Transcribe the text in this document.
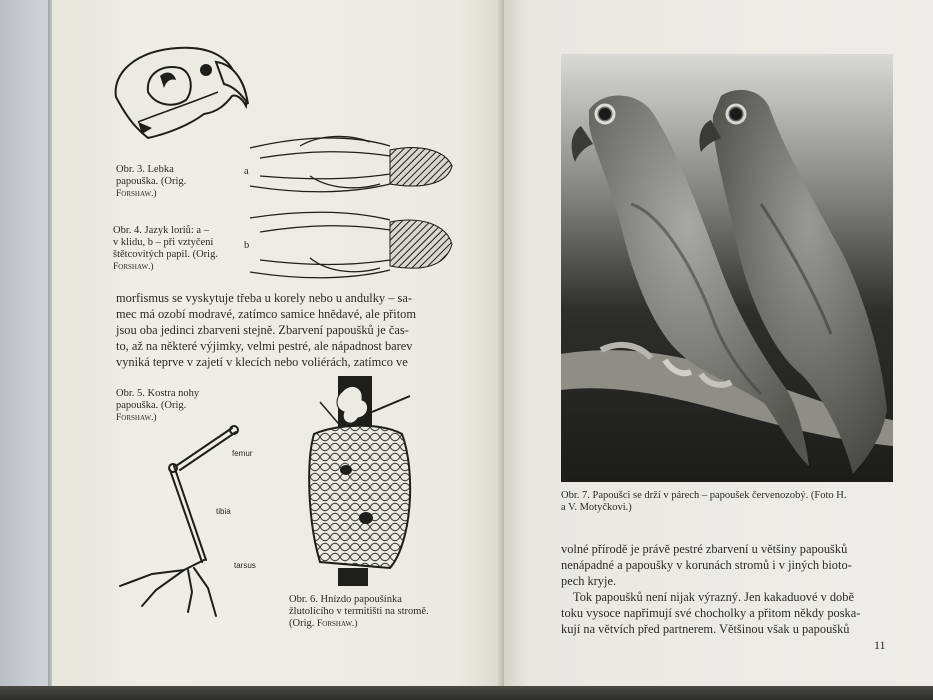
a
b
Obr. 3. Lebka
papouška. (Orig.
Forshaw.)
Obr. 4. Jazyk loriů: a –
v klidu, b – při vztyčení
štětcovitých papil. (Orig.
Forshaw.)
morfismus se vyskytuje třeba u korely nebo u andulky – sa-
mec má ozobí modravé, zatímco samice hnědavé, ale přitom
jsou oba jedinci zbarveni stejně. Zbarvení papoušků je čas-
to, až na některé výjimky, velmi pestré, ale nápadnost barev
vyniká teprve v zajetí v klecích nebo voliérách, zatímco ve
Obr. 5. Kostra nohy
papouška. (Orig.
Forshaw.)
femur
tibia
tarsus
Obr. 6. Hnízdo papoušínka
žlutolícího v termitišti na stromě.
(Orig. Forshaw.)
Obr. 7. Papoušci se drží v párech – papoušek červenozobý. (Foto H.
a V. Motyčkovi.)
volné přírodě je právě pestré zbarvení u většiny papoušků
nenápadné a papoušky v korunách stromů i v jiných bioto-
pech kryje.
Tok papoušků není nijak výrazný. Jen kakaduové v době
toku vysoce napřimují své chocholky a přitom někdy poska-
kují na větvích před partnerem. Většinou však u papoušků
11
